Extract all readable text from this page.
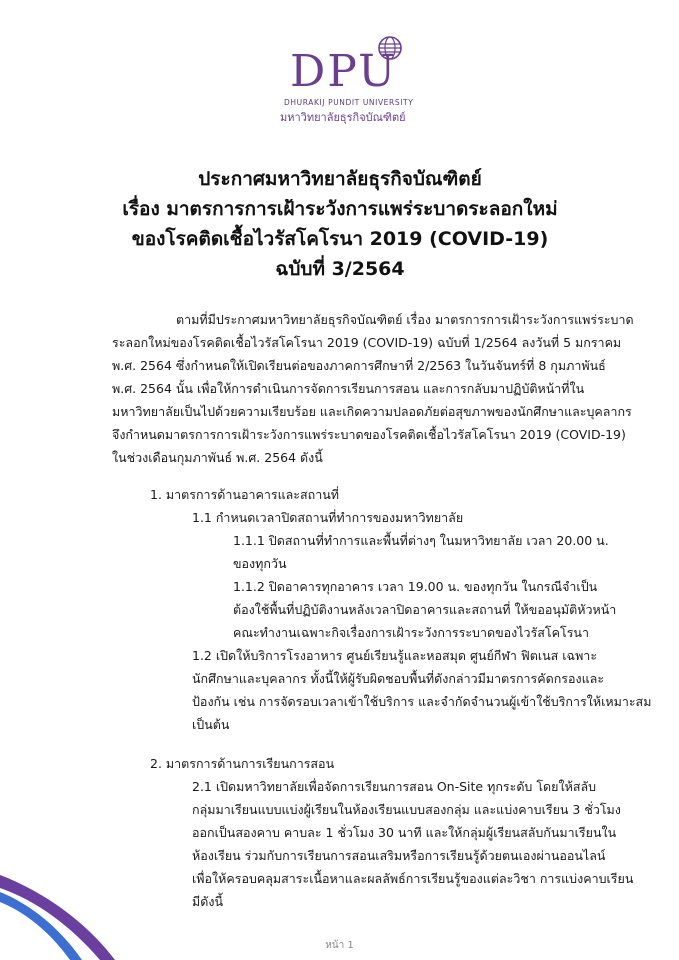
DPU
DHURAKIJ PUNDIT UNIVERSITY
มหาวิทยาลัยธุรกิจบัณฑิตย์
ประกาศมหาวิทยาลัยธุรกิจบัณฑิตย์
เรื่อง มาตรการการเฝ้าระวังการแพร่ระบาดระลอกใหม่
ของโรคติดเชื้อไวรัสโคโรนา 2019 (COVID-19)
ฉบับที่ 3/2564
ตามที่มีประกาศมหาวิทยาลัยธุรกิจบัณฑิตย์ เรื่อง มาตรการการเฝ้าระวังการแพร่ระบาด
ระลอกใหม่ของโรคติดเชื้อไวรัสโคโรนา 2019 (COVID-19) ฉบับที่ 1/2564 ลงวันที่ 5 มกราคม
พ.ศ. 2564 ซึ่งกำหนดให้เปิดเรียนต่อของภาคการศึกษาที่ 2/2563 ในวันจันทร์ที่ 8 กุมภาพันธ์
พ.ศ. 2564 นั้น เพื่อให้การดำเนินการจัดการเรียนการสอน และการกลับมาปฏิบัติหน้าที่ใน
มหาวิทยาลัยเป็นไปด้วยความเรียบร้อย และเกิดความปลอดภัยต่อสุขภาพของนักศึกษาและบุคลากร
จึงกำหนดมาตรการการเฝ้าระวังการแพร่ระบาดของโรคติดเชื้อไวรัสโคโรนา 2019 (COVID-19)
ในช่วงเดือนกุมภาพันธ์ พ.ศ. 2564 ดังนี้
1. มาตรการด้านอาคารและสถานที่
1.1 กำหนดเวลาปิดสถานที่ทำการของมหาวิทยาลัย
1.1.1 ปิดสถานที่ทำการและพื้นที่ต่างๆ ในมหาวิทยาลัย เวลา 20.00 น.
ของทุกวัน
1.1.2 ปิดอาคารทุกอาคาร เวลา 19.00 น. ของทุกวัน ในกรณีจำเป็น
ต้องใช้พื้นที่ปฏิบัติงานหลังเวลาปิดอาคารและสถานที่ ให้ขออนุมัติหัวหน้า
คณะทำงานเฉพาะกิจเรื่องการเฝ้าระวังการระบาดของไวรัสโคโรนา
1.2 เปิดให้บริการโรงอาหาร ศูนย์เรียนรู้และหอสมุด ศูนย์กีฬา ฟิตเนส เฉพาะ
นักศึกษาและบุคลากร ทั้งนี้ให้ผู้รับผิดชอบพื้นที่ดังกล่าวมีมาตรการคัดกรองและ
ป้องกัน เช่น การจัดรอบเวลาเข้าใช้บริการ และจำกัดจำนวนผู้เข้าใช้บริการให้เหมาะสม
เป็นต้น
2. มาตรการด้านการเรียนการสอน
2.1 เปิดมหาวิทยาลัยเพื่อจัดการเรียนการสอน On-Site ทุกระดับ โดยให้สลับ
กลุ่มมาเรียนแบบแบ่งผู้เรียนในห้องเรียนแบบสองกลุ่ม และแบ่งคาบเรียน 3 ชั่วโมง
ออกเป็นสองคาบ คาบละ 1 ชั่วโมง 30 นาที และให้กลุ่มผู้เรียนสลับกันมาเรียนใน
ห้องเรียน ร่วมกับการเรียนการสอนเสริมหรือการเรียนรู้ด้วยตนเองผ่านออนไลน์
เพื่อให้ครอบคลุมสาระเนื้อหาและผลลัพธ์การเรียนรู้ของแต่ละวิชา การแบ่งคาบเรียน
มีดังนี้
หน้า 1
